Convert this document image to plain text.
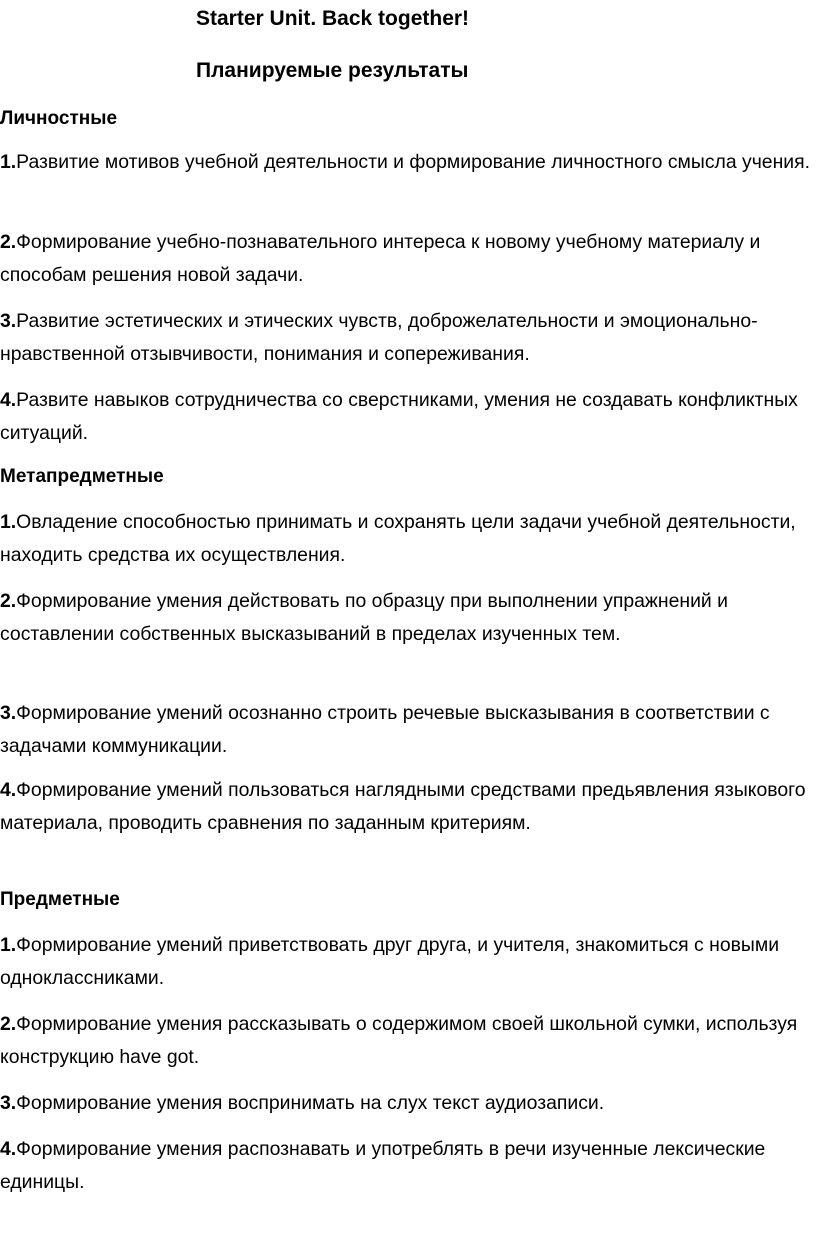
Starter Unit. Back together!
Планируемые результаты
Личностные
1.Развитие мотивов учебной деятельности и формирование личностного смысла учения.
2.Формирование учебно-познавательного интереса к новому учебному материалу и способам решения новой задачи.
3.Развитие эстетических и этических чувств, доброжелательности и эмоционально-нравственной отзывчивости, понимания и сопереживания.
4.Развите навыков сотрудничества со сверстниками, умения не создавать конфликтных ситуаций.
Метапредметные
1.Овладение способностью принимать и сохранять цели задачи учебной деятельности, находить средства их осуществления.
2.Формирование умения действовать по образцу при выполнении упражнений и составлении собственных высказываний в пределах изученных тем.
3.Формирование умений осознанно строить речевые высказывания в соответствии с задачами коммуникации.
4.Формирование умений пользоваться наглядными средствами предьявления языкового материала, проводить сравнения по заданным критериям.
Предметные
1.Формирование умений приветствовать друг друга, и учителя, знакомиться с новыми одноклассниками.
2.Формирование умения рассказывать о содержимом своей школьной сумки, используя конструкцию have got.
3.Формирование умения воспринимать на слух текст аудиозаписи.
4.Формирование умения распознавать и употреблять в речи изученные лексические единицы.
